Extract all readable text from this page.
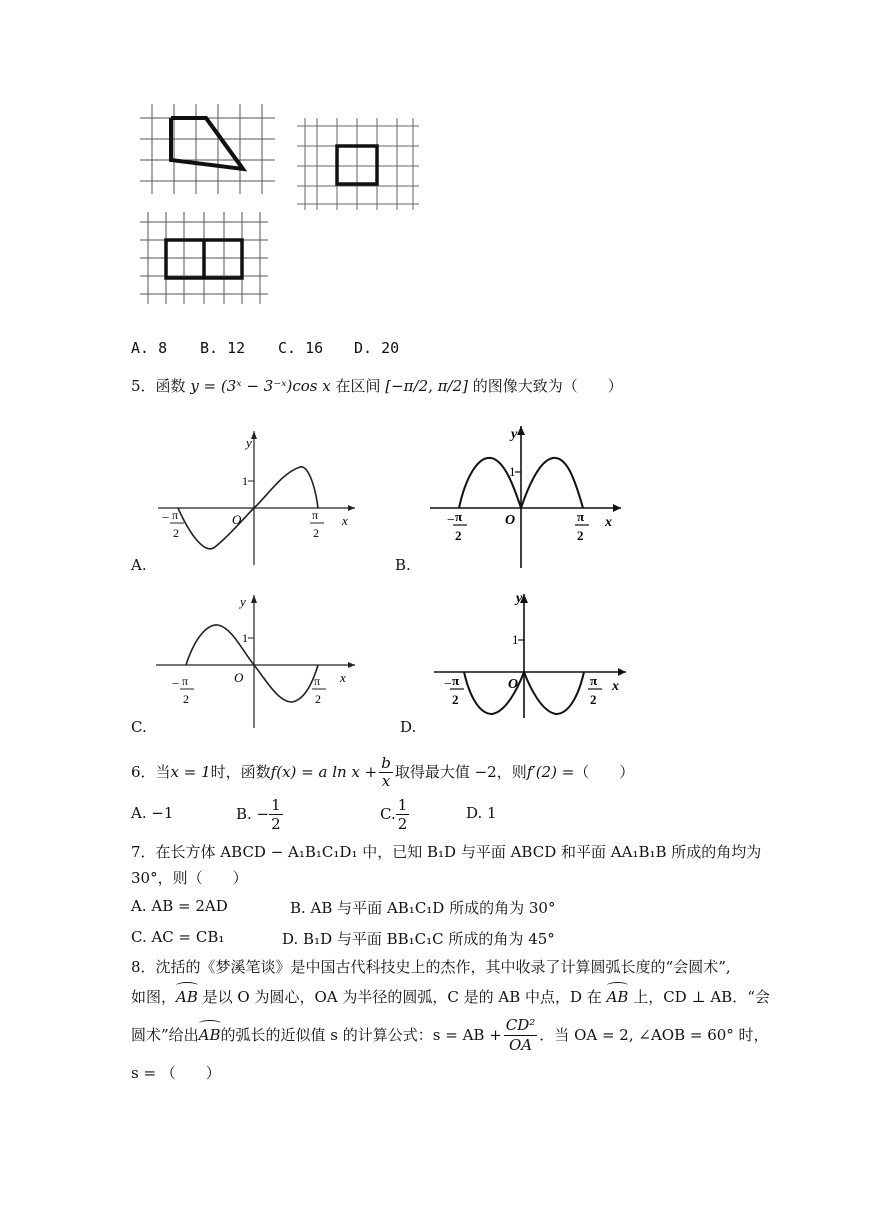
A. 8 B. 12 C. 16 D. 20
5．函数 y = (3ˣ − 3⁻ˣ)cos x 在区间 [−π/2, π/2] 的图像大致为（　　）
y
x
O
1
− π
2
π
2
A.
y
x
O
1
− π
2
π
2
B.
y
x
O
1
− π
2
π
2
C.
y
x
O
1
− π
2
π
2
D.
6．当 x = 1 时，函数 f(x) = a $\ln x + \frac{b}{x}$ 取得最大值 −2，则 f′(2) = （　　）
A. −1	B. − $\frac{1}{2}$	C. $\frac{1}{2}$	D. 1
7．在长方体 ABCD − A₁B₁C₁D₁ 中，已知 B₁D 与平面 ABCD 和平面 AA₁B₁B 所成的角均为
30°，则（　　）
A. AB = 2AD	B. AB 与平面 AB₁C₁D 所成的角为 30°
C. AC = CB₁	D. B₁D 与平面 BB₁C₁C 所成的角为 45°
8．沈括的《梦溪笔谈》是中国古代科技史上的杰作，其中收录了计算圆弧长度的“会圆术”,
如图，
AB 是以 O 为圆心，OA 为半径的圆弧，C 是的 AB 中点，D 在
AB 上，CD ⊥ AB．“会
圆术”给出 AB 的弧长的近似值 s 的计算公式：s = AB + $\frac{\text{CD²}}{OA}$ ．当 OA = 2, ∠AOB = 60° 时，
s = （　　）
